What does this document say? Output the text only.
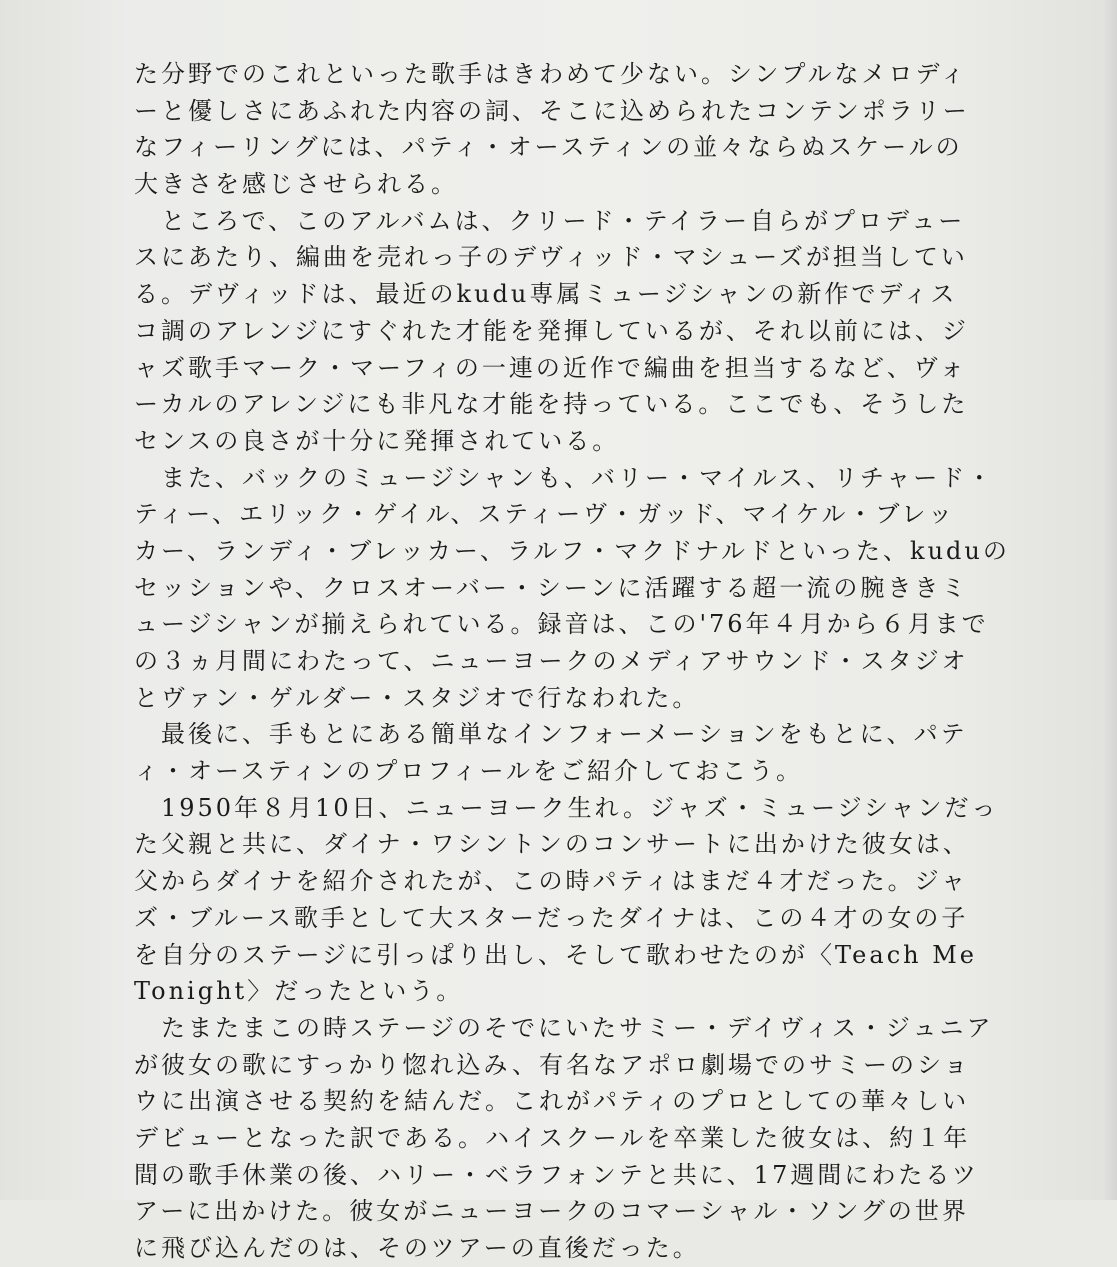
た分野でのこれといった歌手はきわめて少ない。シンプルなメロディ
ーと優しさにあふれた内容の詞、そこに込められたコンテンポラリー
なフィーリングには、パティ・オースティンの並々ならぬスケールの
大きさを感じさせられる。
　ところで、このアルバムは、クリード・テイラー自らがプロデュー
スにあたり、編曲を売れっ子のデヴィッド・マシューズが担当してい
る。デヴィッドは、最近のkudu専属ミュージシャンの新作でディス
コ調のアレンジにすぐれた才能を発揮しているが、それ以前には、ジ
ャズ歌手マーク・マーフィの一連の近作で編曲を担当するなど、ヴォ
ーカルのアレンジにも非凡な才能を持っている。ここでも、そうした
センスの良さが十分に発揮されている。
　また、バックのミュージシャンも、バリー・マイルス、リチャード・
ティー、エリック・ゲイル、スティーヴ・ガッド、マイケル・ブレッ
カー、ランディ・ブレッカー、ラルフ・マクドナルドといった、kuduの
セッションや、クロスオーバー・シーンに活躍する超一流の腕ききミ
ュージシャンが揃えられている。録音は、この'76年４月から６月まで
の３ヵ月間にわたって、ニューヨークのメディアサウンド・スタジオ
とヴァン・ゲルダー・スタジオで行なわれた。
　最後に、手もとにある簡単なインフォーメーションをもとに、パテ
ィ・オースティンのプロフィールをご紹介しておこう。
　1950年８月10日、ニューヨーク生れ。ジャズ・ミュージシャンだっ
た父親と共に、ダイナ・ワシントンのコンサートに出かけた彼女は、
父からダイナを紹介されたが、この時パティはまだ４才だった。ジャ
ズ・ブルース歌手として大スターだったダイナは、この４才の女の子
を自分のステージに引っぱり出し、そして歌わせたのが〈Teach Me
Tonight〉だったという。
　たまたまこの時ステージのそでにいたサミー・デイヴィス・ジュニア
が彼女の歌にすっかり惚れ込み、有名なアポロ劇場でのサミーのショ
ウに出演させる契約を結んだ。これがパティのプロとしての華々しい
デビューとなった訳である。ハイスクールを卒業した彼女は、約１年
間の歌手休業の後、ハリー・ベラフォンテと共に、17週間にわたるツ
アーに出かけた。彼女がニューヨークのコマーシャル・ソングの世界
に飛び込んだのは、そのツアーの直後だった。
